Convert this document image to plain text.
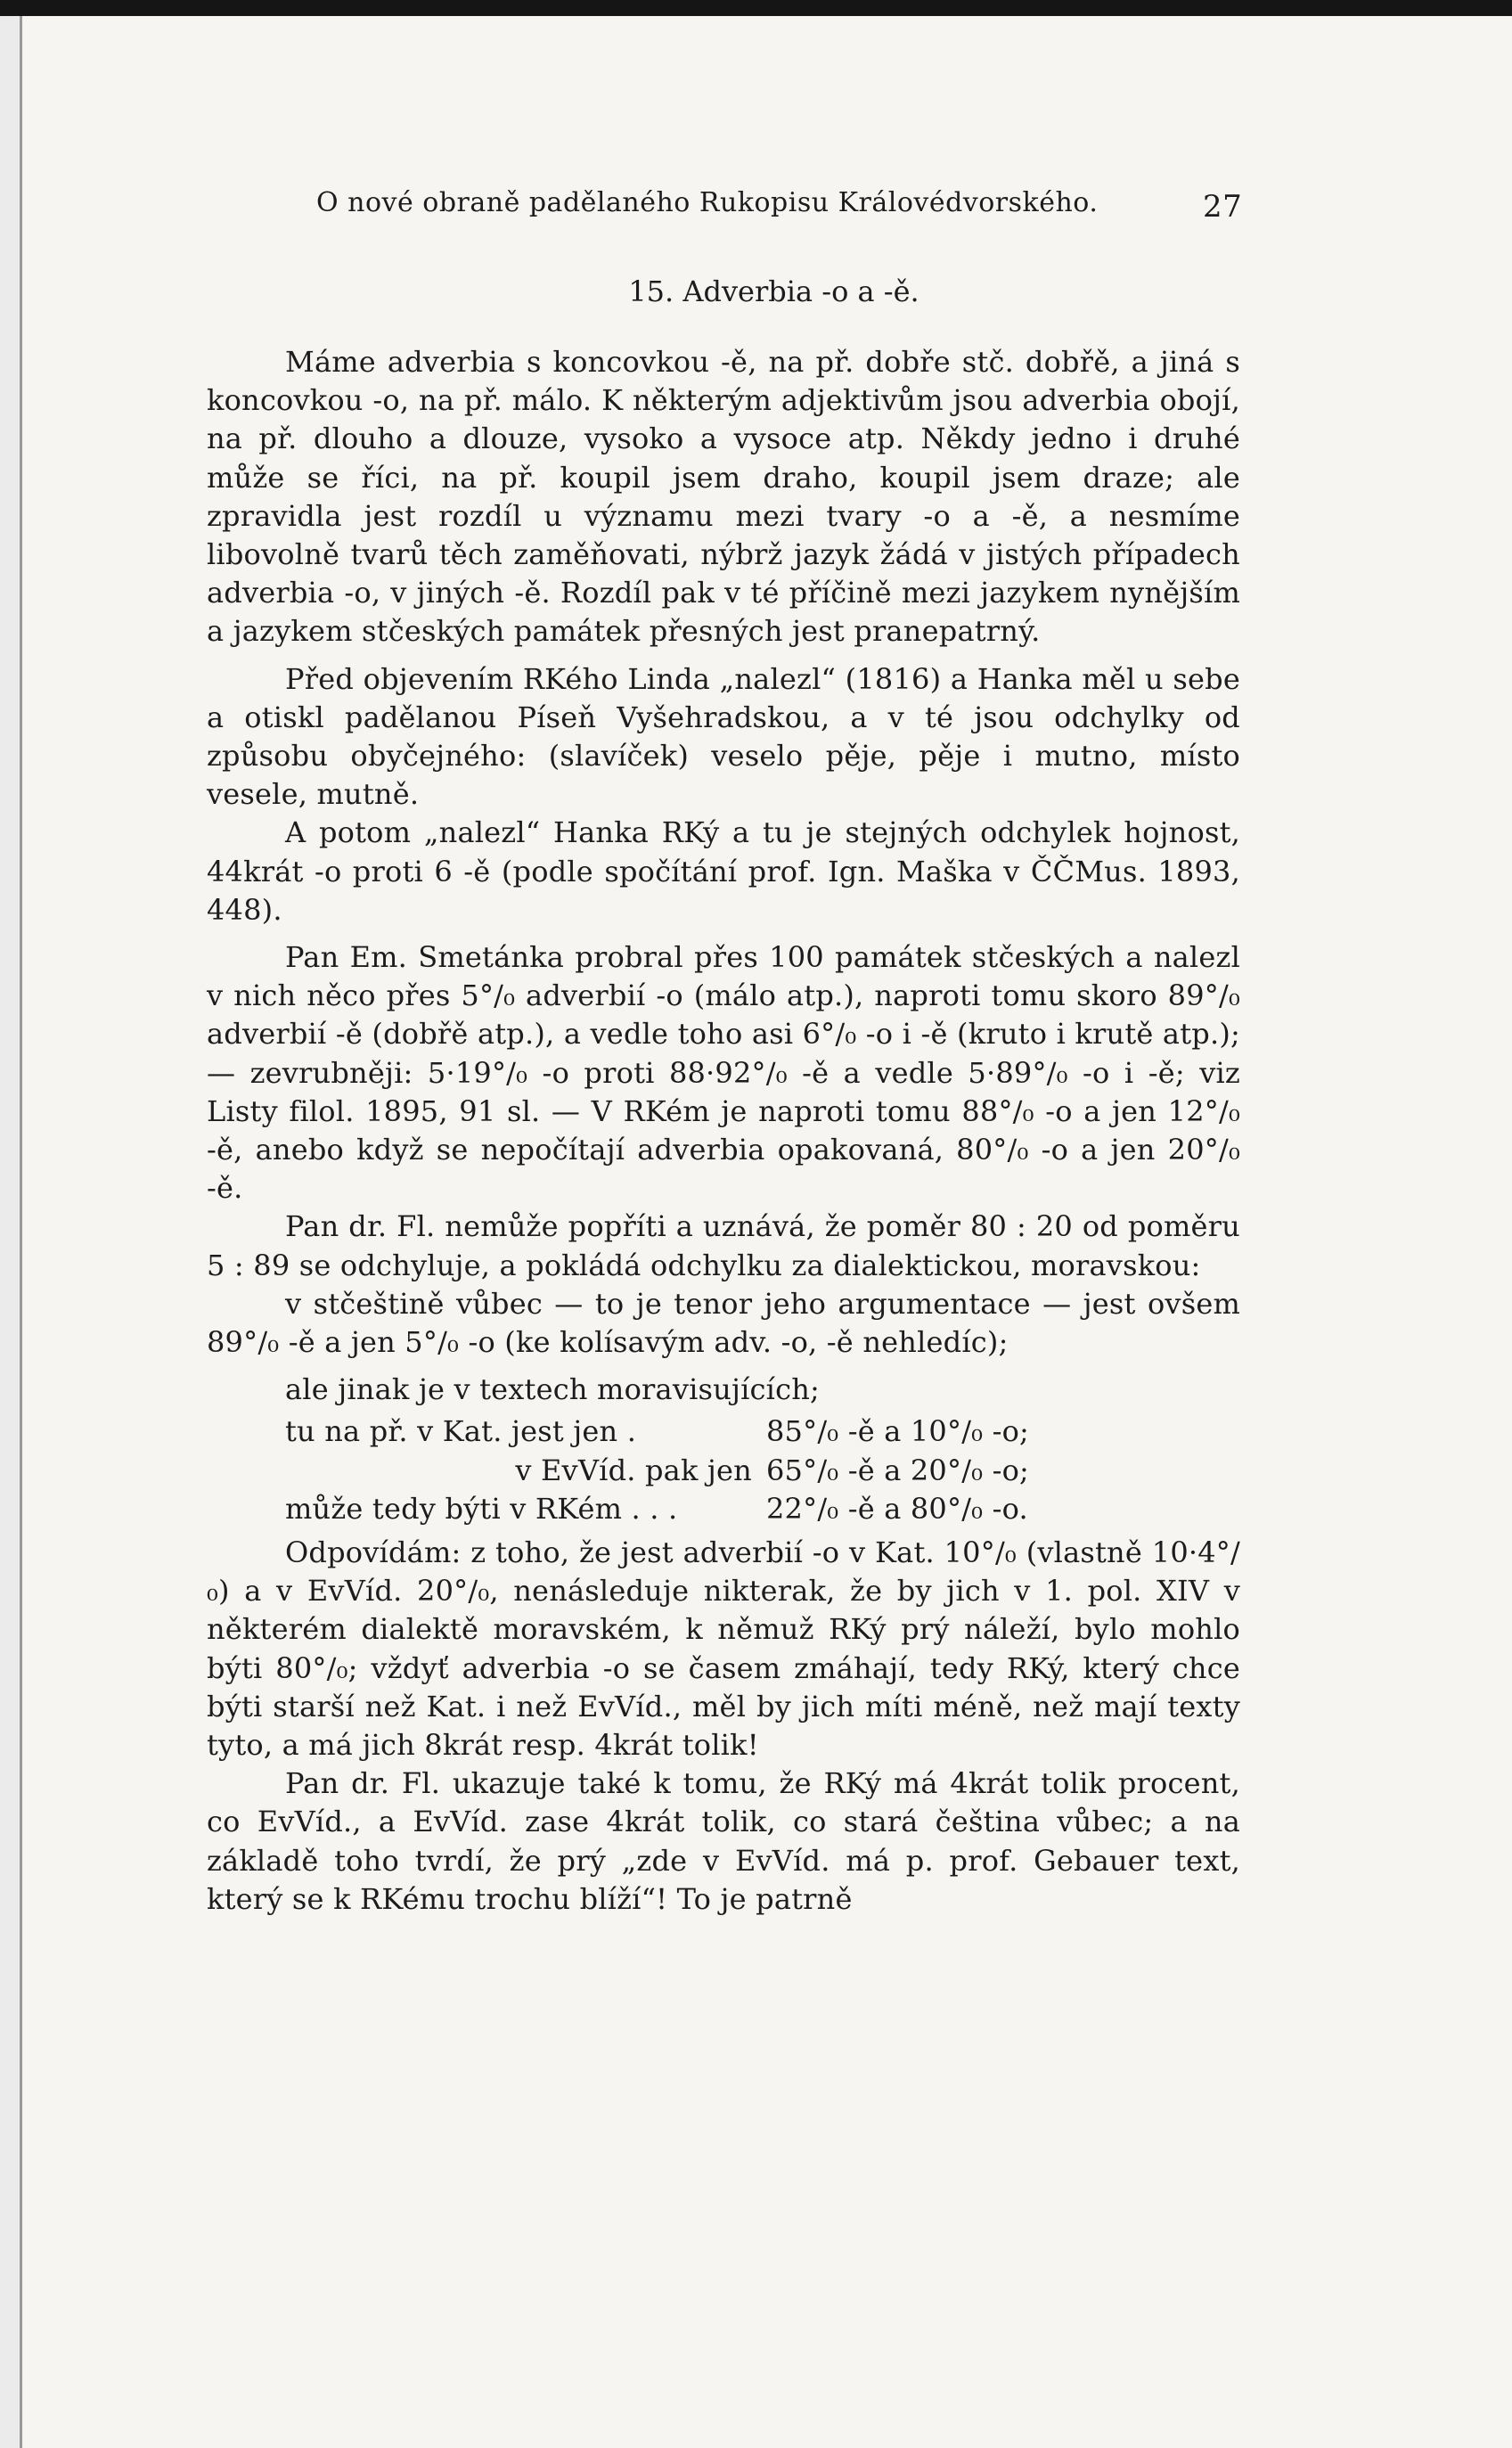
O nové obraně padělaného Rukopisu Královédvorského.	27
15. Adverbia -o a -ě.

Máme adverbia s koncovkou -ě, na př. dobře stč. dobřě, a jiná s koncovkou -o, na př. málo. K některým adjektivům jsou adverbia obojí, na př. dlouho a dlouze, vysoko a vysoce atp. Někdy jedno i druhé může se říci, na př. koupil jsem draho, koupil jsem draze; ale zpravidla jest rozdíl u významu mezi tvary -o a -ě, a nesmíme libovolně tvarů těch zaměňovati, nýbrž jazyk žádá v jistých případech adverbia -o, v jiných -ě. Rozdíl pak v té příčině mezi jazykem nynějším a jazykem stčeských památek přesných jest pranepatrný.

Před objevením RKého Linda „nalezl“ (1816) a Hanka měl u sebe a otiskl padělanou Píseň Vyšehradskou, a v té jsou odchylky od způsobu obyčejného: (slavíček) veselo pěje, pěje i mutno, místo vesele, mutně.

A potom „nalezl“ Hanka RKý a tu je stejných odchylek hojnost, 44krát -o proti 6 -ě (podle spočítání prof. Ign. Maška v ČČMus. 1893, 448).

Pan Em. Smetánka probral přes 100 památek stčeských a nalezl v nich něco přes 5°/₀ adverbií -o (málo atp.), naproti tomu skoro 89°/₀ adverbií -ě (dobřě atp.), a vedle toho asi 6°/₀ -o i -ě (kruto i krutě atp.); — zevrubněji: 5·19°/₀ -o proti 88·92°/₀ -ě a vedle 5·89°/₀ -o i -ě; viz Listy filol. 1895, 91 sl. — V RKém je naproti tomu 88°/₀ -o a jen 12°/₀ -ě, anebo když se nepočítají adverbia opakovaná, 80°/₀ -o a jen 20°/₀ -ě.

Pan dr. Fl. nemůže popříti a uznává, že poměr 80 : 20 od poměru 5 : 89 se odchyluje, a pokládá odchylku za dialektickou, moravskou:

v stčeštině vůbec — to je tenor jeho argumentace — jest ovšem 89°/₀ -ě a jen 5°/₀ -o (ke kolísavým adv. -o, -ě nehledíc);

ale jinak je v textech moravisujících;

tu na př. v Kat. jest jen .	85°/₀ -ě a 10°/₀ -o;
v EvVíd. pak jen 65°/₀ -ě a 20°/₀ -o;
může tedy býti v RKém . . .	22°/₀ -ě a 80°/₀ -o.

Odpovídám: z toho, že jest adverbií -o v Kat. 10°/₀ (vlastně 10·4°/₀) a v EvVíd. 20°/₀, nenásleduje nikterak, že by jich v 1. pol. XIV v některém dialektě moravském, k němuž RKý prý náleží, bylo mohlo býti 80°/₀; vždyť adverbia -o se časem zmáhají, tedy RKý, který chce býti starší než Kat. i než EvVíd., měl by jich míti méně, než mají texty tyto, a má jich 8krát resp. 4krát tolik!

Pan dr. Fl. ukazuje také k tomu, že RKý má 4krát tolik procent, co EvVíd., a EvVíd. zase 4krát tolik, co stará čeština vůbec; a na základě toho tvrdí, že prý „zde v EvVíd. má p. prof. Gebauer text, který se k RKému trochu blíží“! To je patrně
